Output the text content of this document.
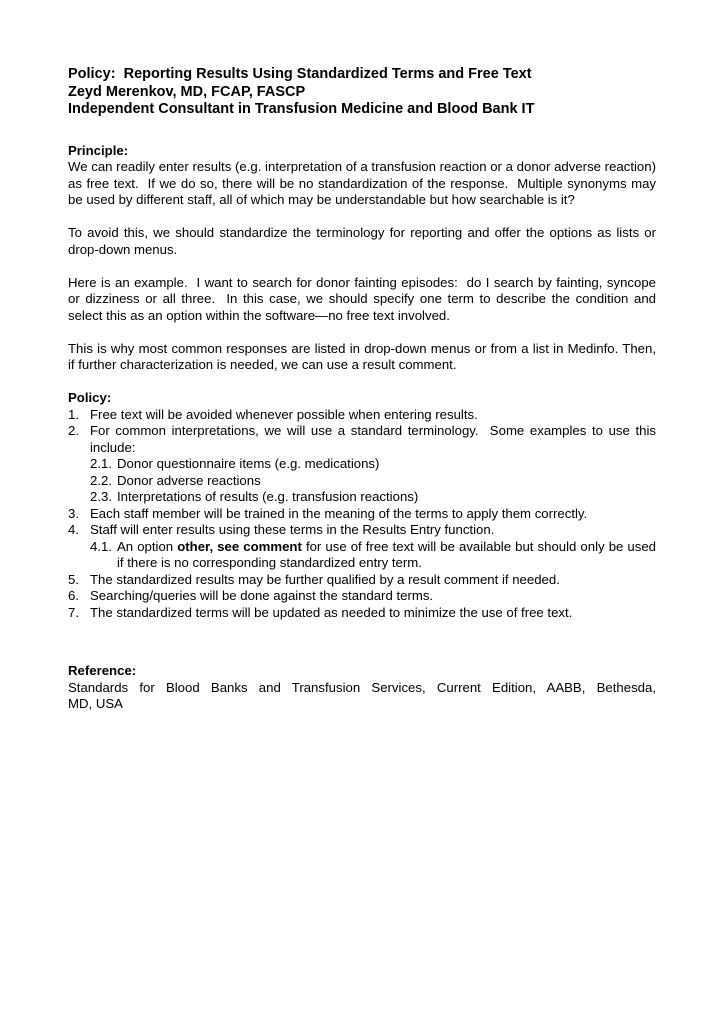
Policy:  Reporting Results Using Standardized Terms and Free Text
Zeyd Merenkov, MD, FCAP, FASCP
Independent Consultant in Transfusion Medicine and Blood Bank IT
Principle:

We can readily enter results (e.g. interpretation of a transfusion reaction or a donor adverse reaction) as free text.  If we do so, there will be no standardization of the response.  Multiple synonyms may be used by different staff, all of which may be understandable but how searchable is it?

To avoid this, we should standardize the terminology for reporting and offer the options as lists or drop-down menus.

Here is an example.  I want to search for donor fainting episodes:  do I search by fainting, syncope or dizziness or all three.  In this case, we should specify one term to describe the condition and select this as an option within the software—no free text involved.

This is why most common responses are listed in drop-down menus or from a list in Medinfo. Then, if further characterization is needed, we can use a result comment.

Policy:
1. Free text will be avoided whenever possible when entering results.
2. For common interpretations, we will use a standard terminology.  Some examples to use this include:
2.1. Donor questionnaire items (e.g. medications)
2.2. Donor adverse reactions
2.3. Interpretations of results (e.g. transfusion reactions)
3. Each staff member will be trained in the meaning of the terms to apply them correctly.
4. Staff will enter results using these terms in the Results Entry function.
4.1. An option other, see comment for use of free text will be available but should only be used if there is no corresponding standardized entry term.
5. The standardized results may be further qualified by a result comment if needed.
6. Searching/queries will be done against the standard terms.
7. The standardized terms will be updated as needed to minimize the use of free text.
Reference:
Standards for Blood Banks and Transfusion Services, Current Edition, AABB, Bethesda,
MD, USA
